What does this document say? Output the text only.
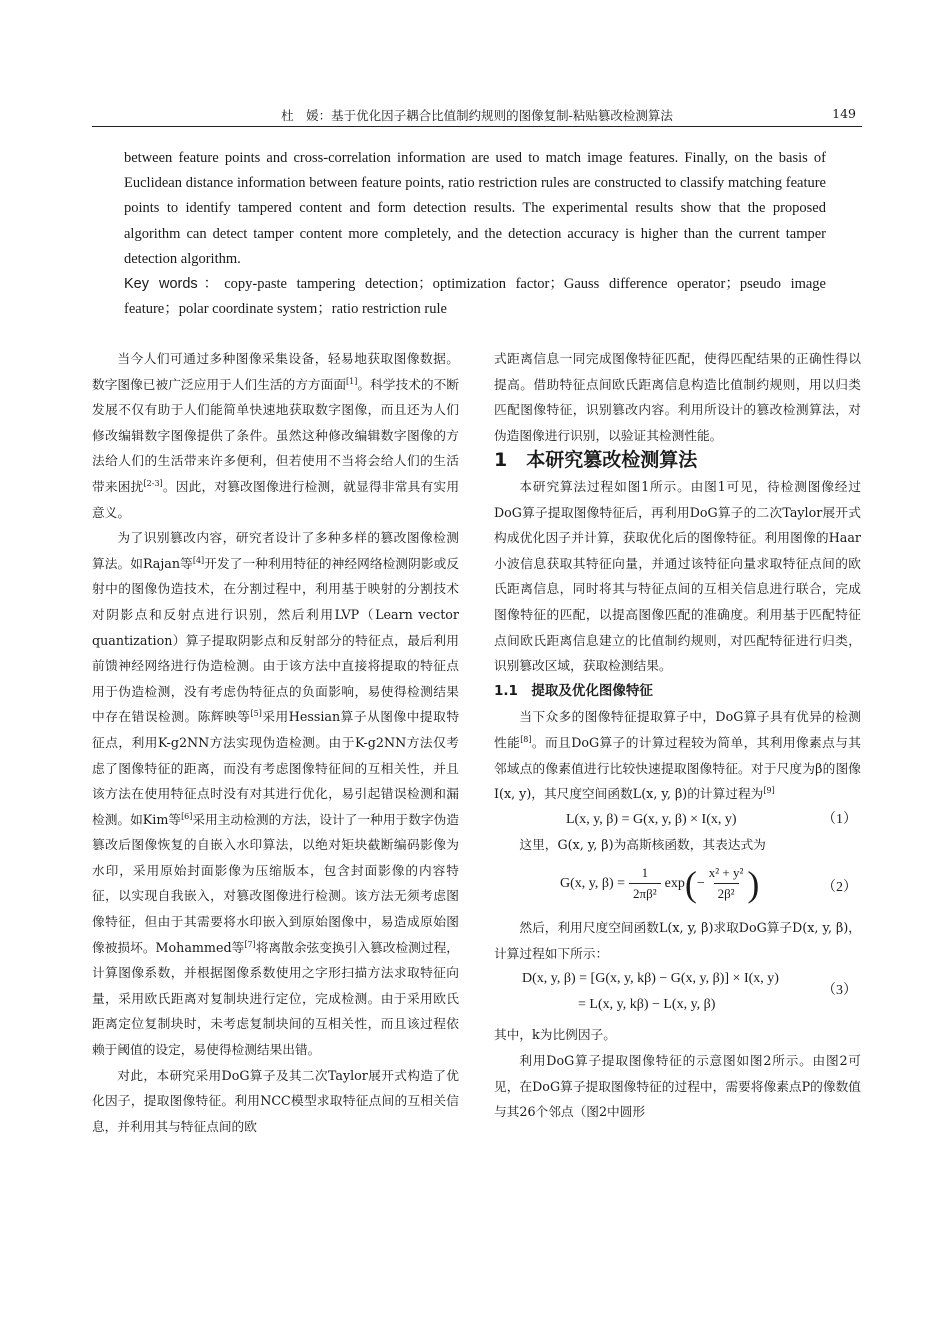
杜　媛：基于优化因子耦合比值制约规则的图像复制-粘贴篡改检测算法	149
between feature points and cross-correlation information are used to match image features. Finally, on the basis of Euclidean distance information between feature points, ratio restriction rules are constructed to classify matching feature points to identify tampered content and form detection results. The experimental results show that the proposed algorithm can detect tamper content more completely, and the detection accuracy is higher than the current tamper detection algorithm.
Key words：copy-paste tampering detection；optimization factor；Gauss difference operator；pseudo image feature；polar coordinate system；ratio restriction rule

当今人们可通过多种图像采集设备，轻易地获取图像数据。数字图像已被广泛应用于人们生活的方方面面[1]。科学技术的不断发展不仅有助于人们能简单快速地获取数字图像，而且还为人们修改编辑数字图像提供了条件。虽然这种修改编辑数字图像的方法给人们的生活带来许多便利，但若使用不当将会给人们的生活带来困扰[2-3]。因此，对篡改图像进行检测，就显得非常具有实用意义。

为了识别篡改内容，研究者设计了多种多样的篡改图像检测算法。如Rajan等[4]开发了一种利用特征的神经网络检测阴影或反射中的图像伪造技术，在分割过程中，利用基于映射的分割技术对阴影点和反射点进行识别，然后利用LVP（Learn vector quantization）算子提取阴影点和反射部分的特征点，最后利用前馈神经网络进行伪造检测。由于该方法中直接将提取的特征点用于伪造检测，没有考虑伪特征点的负面影响，易使得检测结果中存在错误检测。陈辉映等[5]采用Hessian算子从图像中提取特征点，利用K-g2NN方法实现伪造检测。由于K-g2NN方法仅考虑了图像特征的距离，而没有考虑图像特征间的互相关性，并且该方法在使用特征点时没有对其进行优化，易引起错误检测和漏检测。如Kim等[6]采用主动检测的方法，设计了一种用于数字伪造篡改后图像恢复的自嵌入水印算法，以绝对矩块截断编码影像为水印，采用原始封面影像为压缩版本，包含封面影像的内容特征，以实现自我嵌入，对篡改图像进行检测。该方法无须考虑图像特征，但由于其需要将水印嵌入到原始图像中，易造成原始图像被损坏。Mohammed等[7]将离散余弦变换引入篡改检测过程，计算图像系数，并根据图像系数使用之字形扫描方法求取特征向量，采用欧氏距离对复制块进行定位，完成检测。由于采用欧氏距离定位复制块时，未考虑复制块间的互相关性，而且该过程依赖于阈值的设定，易使得检测结果出错。

对此，本研究采用DoG算子及其二次Taylor展开式构造了优化因子，提取图像特征。利用NCC模型求取特征点间的互相关信息，并利用其与特征点间的欧

式距离信息一同完成图像特征匹配，使得匹配结果的正确性得以提高。借助特征点间欧氏距离信息构造比值制约规则，用以归类匹配图像特征，识别篡改内容。利用所设计的篡改检测算法，对伪造图像进行识别，以验证其检测性能。

1　本研究篡改检测算法

本研究算法过程如图1所示。由图1可见，待检测图像经过DoG算子提取图像特征后，再利用DoG算子的二次Taylor展开式构成优化因子并计算，获取优化后的图像特征。利用图像的Haar小波信息获取其特征向量，并通过该特征向量求取特征点间的欧氏距离信息，同时将其与特征点间的互相关信息进行联合，完成图像特征的匹配，以提高图像匹配的准确度。利用基于匹配特征点间欧氏距离信息建立的比值制约规则，对匹配特征进行归类，识别篡改区域，获取检测结果。

1.1　提取及优化图像特征

当下众多的图像特征提取算子中，DoG算子具有优异的检测性能[8]。而且DoG算子的计算过程较为简单，其利用像素点与其邻域点的像素值进行比较快速提取图像特征。对于尺度为β的图像I(x, y)，其尺度空间函数L(x, y, β)的计算过程为[9]

L(x, y, β) = G(x, y, β) × I(x, y)	（1）

这里，G(x, y, β)为高斯核函数，其表达式为

G(x, y, $\beta) = \frac{1}{\text{2πβ²}}$ exp ( − $\frac{\text{x² + y²}}{\text{2β²}}$ )	（2）

然后，利用尺度空间函数L(x, y, β)求取DoG算子D(x, y, β)，计算过程如下所示：

D(x, y, β) = [G(x, y, kβ) − G(x, y, β)] × I(x, y)
= L(x, y, kβ) − L(x, y, β)
（3）

其中，k为比例因子。

利用DoG算子提取图像特征的示意图如图2所示。由图2可见，在DoG算子提取图像特征的过程中，需要将像素点P的像数值与其26个邻点（图2中圆形
